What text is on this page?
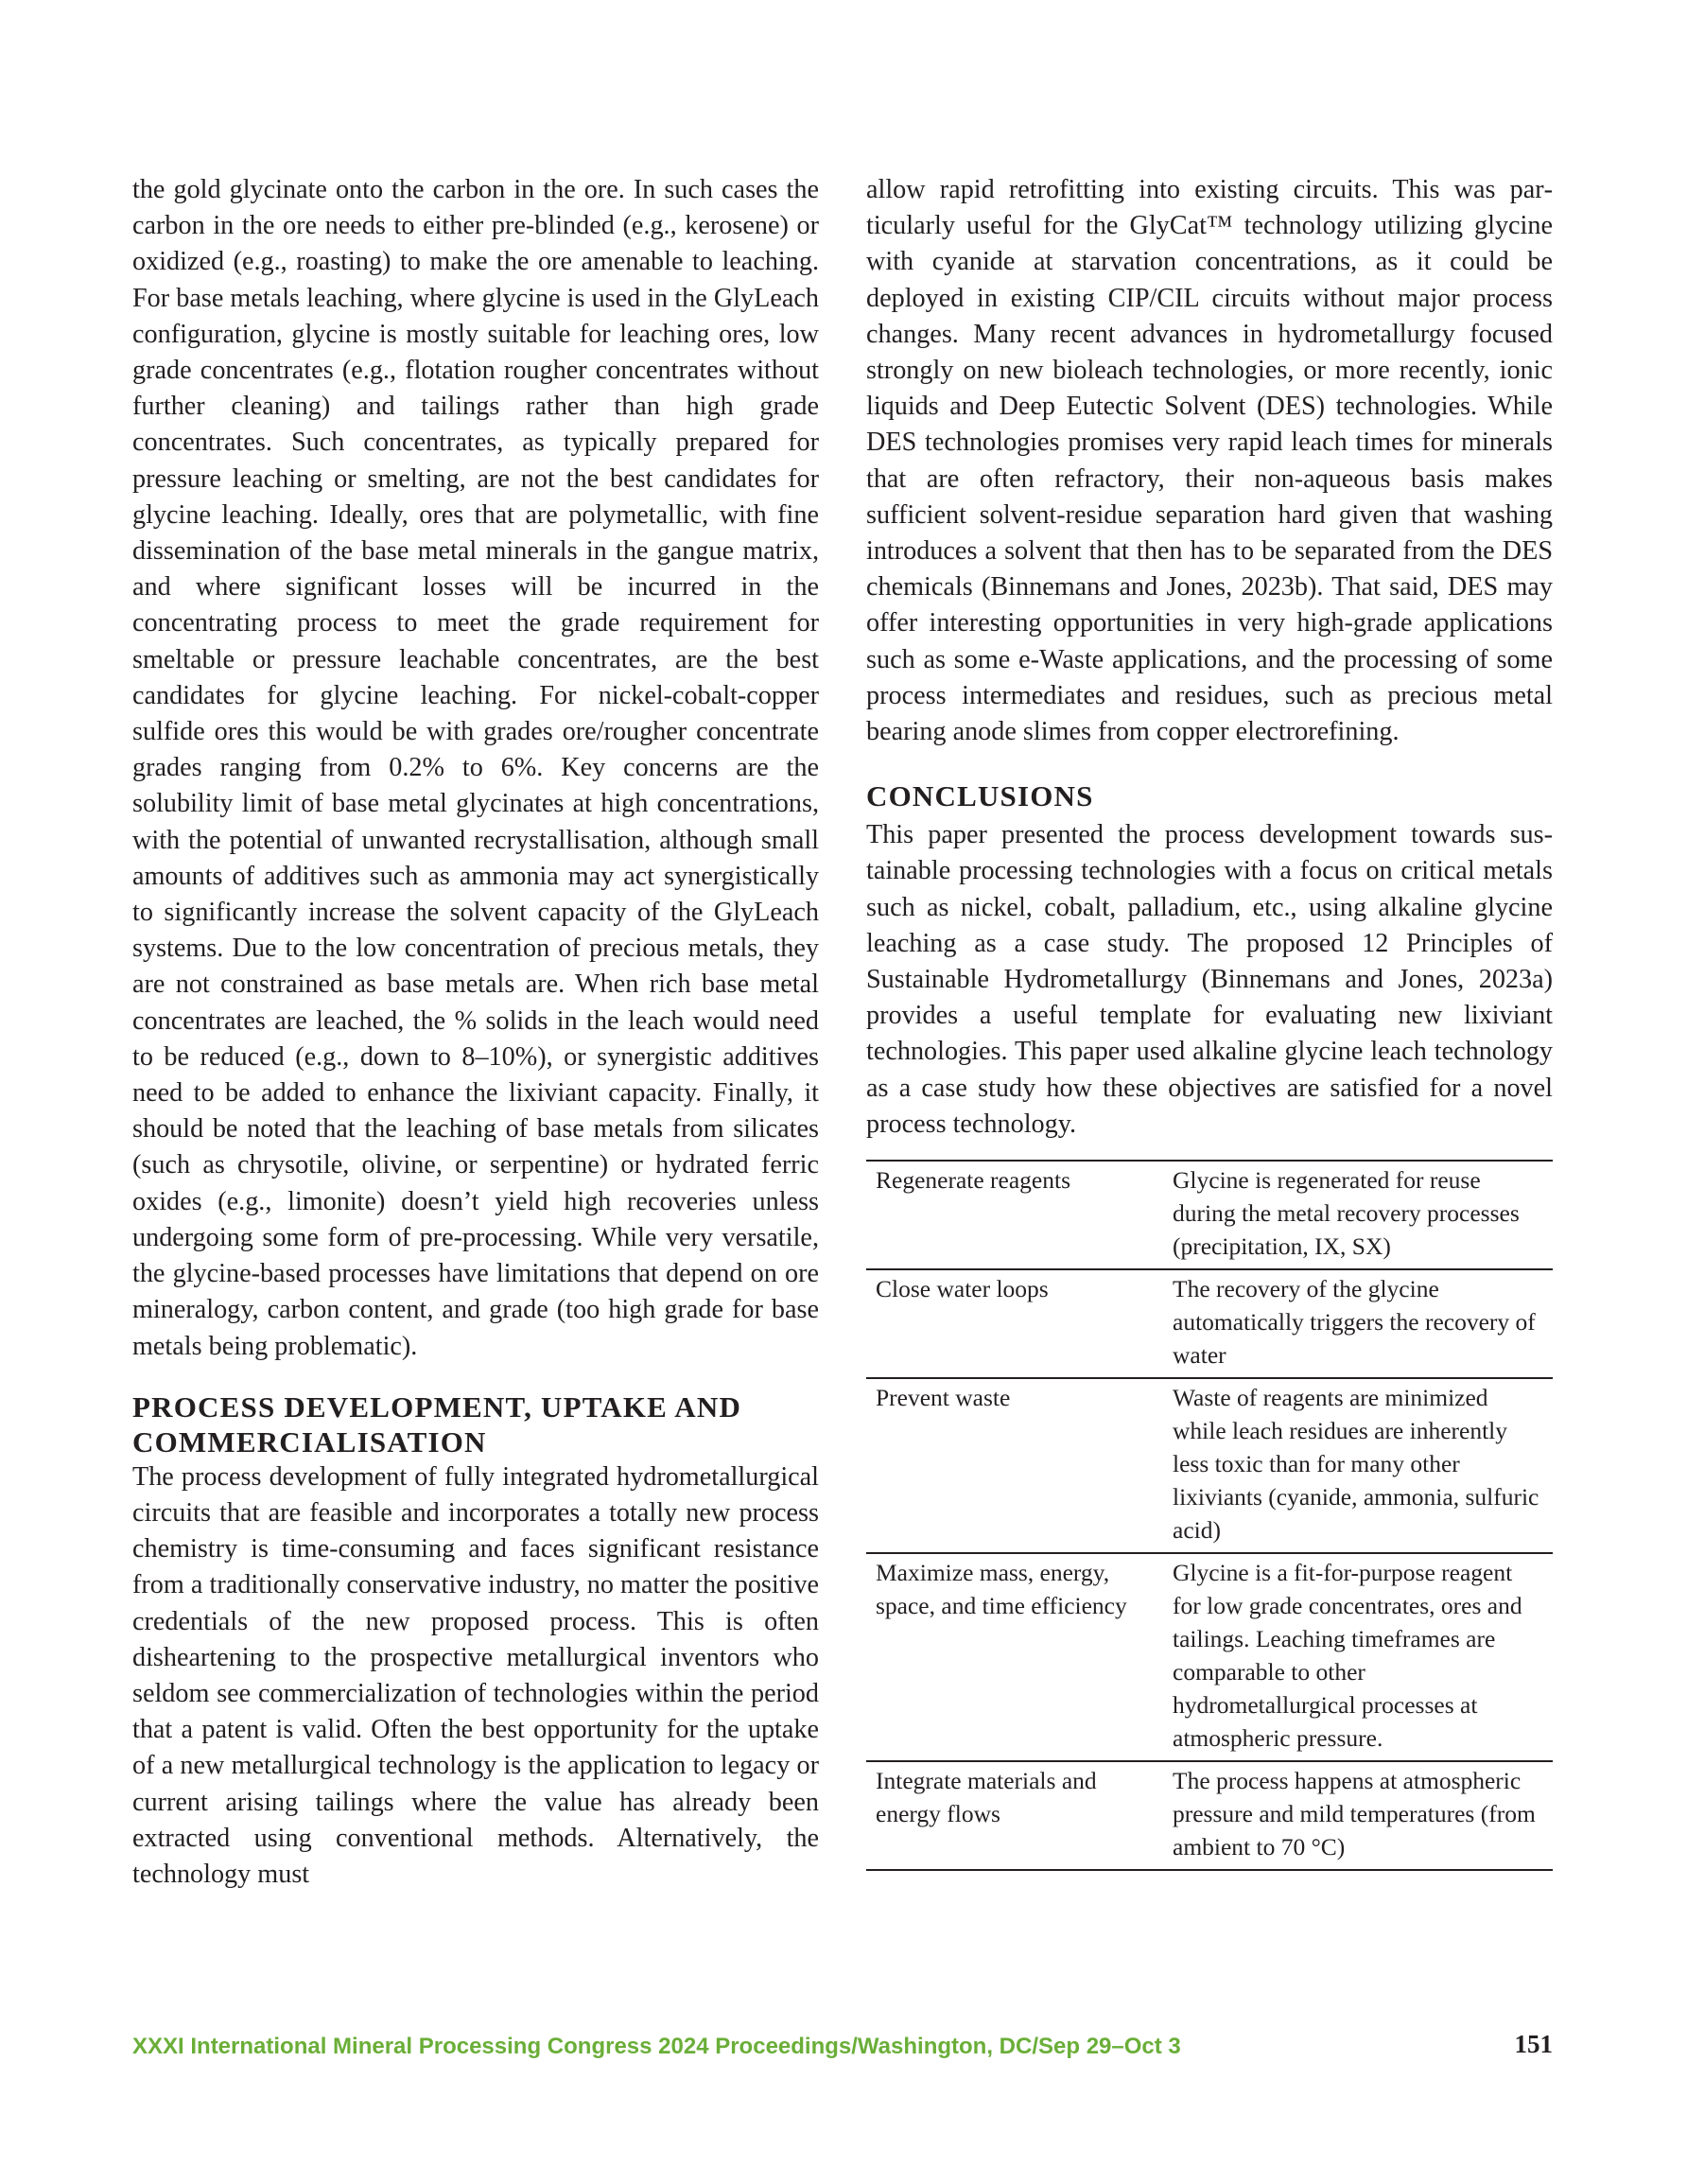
the gold glycinate onto the carbon in the ore. In such cases the carbon in the ore needs to either pre-blinded (e.g., kerosene) or oxidized (e.g., roasting) to make the ore amenable to leaching. For base metals leaching, where glycine is used in the GlyLeach configuration, glycine is mostly suitable for leaching ores, low grade concentrates (e.g., flotation rougher concentrates without further cleaning) and tailings rather than high grade concentrates. Such concentrates, as typically prepared for pressure leaching or smelting, are not the best candidates for glycine leaching. Ideally, ores that are polymetallic, with fine dissemination of the base metal minerals in the gangue matrix, and where significant losses will be incurred in the concentrating process to meet the grade requirement for smeltable or pressure leachable concentrates, are the best candidates for glycine leaching. For nickel-cobalt-copper sulfide ores this would be with grades ore/rougher concentrate grades ranging from 0.2% to 6%. Key concerns are the solubility limit of base metal glycinates at high concentrations, with the potential of unwanted recrystallisation, although small amounts of additives such as ammonia may act synergistically to significantly increase the solvent capacity of the GlyLeach systems. Due to the low concentration of precious metals, they are not constrained as base metals are. When rich base metal concentrates are leached, the % solids in the leach would need to be reduced (e.g., down to 8–10%), or synergistic additives need to be added to enhance the lixiviant capacity. Finally, it should be noted that the leaching of base metals from silicates (such as chrysotile, olivine, or serpentine) or hydrated ferric oxides (e.g., limonite) doesn’t yield high recoveries unless undergoing some form of pre-processing. While very versatile, the glycine-based processes have limitations that depend on ore mineralogy, carbon content, and grade (too high grade for base metals being problematic).

PROCESS DEVELOPMENT, UPTAKE AND COMMERCIALISATION

The process development of fully integrated hydrometallurgical circuits that are feasible and incorporates a totally new process chemistry is time-consuming and faces significant resistance from a traditionally conservative industry, no matter the positive credentials of the new proposed process. This is often disheartening to the prospective metallurgical inventors who seldom see commercialization of technologies within the period that a patent is valid. Often the best opportunity for the uptake of a new metallurgical technology is the application to legacy or current arising tailings where the value has already been extracted using conventional methods. Alternatively, the technology must

allow rapid retrofitting into existing circuits. This was particularly useful for the GlyCat™ technology utilizing glycine with cyanide at starvation concentrations, as it could be deployed in existing CIP/CIL circuits without major process changes. Many recent advances in hydrometallurgy focused strongly on new bioleach technologies, or more recently, ionic liquids and Deep Eutectic Solvent (DES) technologies. While DES technologies promises very rapid leach times for minerals that are often refractory, their non-aqueous basis makes sufficient solvent-residue separation hard given that washing introduces a solvent that then has to be separated from the DES chemicals (Binnemans and Jones, 2023b). That said, DES may offer interesting opportunities in very high-grade applications such as some e-Waste applications, and the processing of some process intermediates and residues, such as precious metal bearing anode slimes from copper electrorefining.

CONCLUSIONS

This paper presented the process development towards sustainable processing technologies with a focus on critical metals such as nickel, cobalt, palladium, etc., using alkaline glycine leaching as a case study. The proposed 12 Principles of Sustainable Hydrometallurgy (Binnemans and Jones, 2023a) provides a useful template for evaluating new lixiviant technologies. This paper used alkaline glycine leach technology as a case study how these objectives are satisfied for a novel process technology.

Regenerate reagents	Glycine is regenerated for reuse during the metal recovery processes (precipitation, IX, SX)
Close water loops	The recovery of the glycine automatically triggers the recovery of water
Prevent waste	Waste of reagents are minimized while leach residues are inherently less toxic than for many other lixiviants (cyanide, ammonia, sulfuric acid)
Maximize mass, energy, space, and time efficiency	Glycine is a fit-for-purpose reagent for low grade concentrates, ores and tailings. Leaching timeframes are comparable to other hydrometallurgical processes at atmospheric pressure.
Integrate materials and energy flows	The process happens at atmospheric pressure and mild temperatures (from ambient to 70 °C)
XXXI International Mineral Processing Congress 2024 Proceedings/Washington, DC/Sep 29–Oct 3	151
